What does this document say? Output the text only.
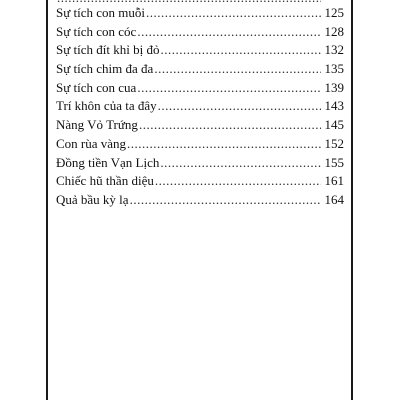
.....
Sự tích con muỗi .....	125
Sự tích con cóc .....	128
Sự tích đít khỉ bị đỏ .....	132
Sự tích chim đa đa .....	135
Sự tích con cua .....	139
Trí khôn của ta đây .....	143
Nàng Vỏ Trứng .....	145
Con rùa vàng .....	152
Đồng tiền Vạn Lịch .....	155
Chiếc hũ thần diệu .....	161
Quả bầu kỳ lạ .....	164
